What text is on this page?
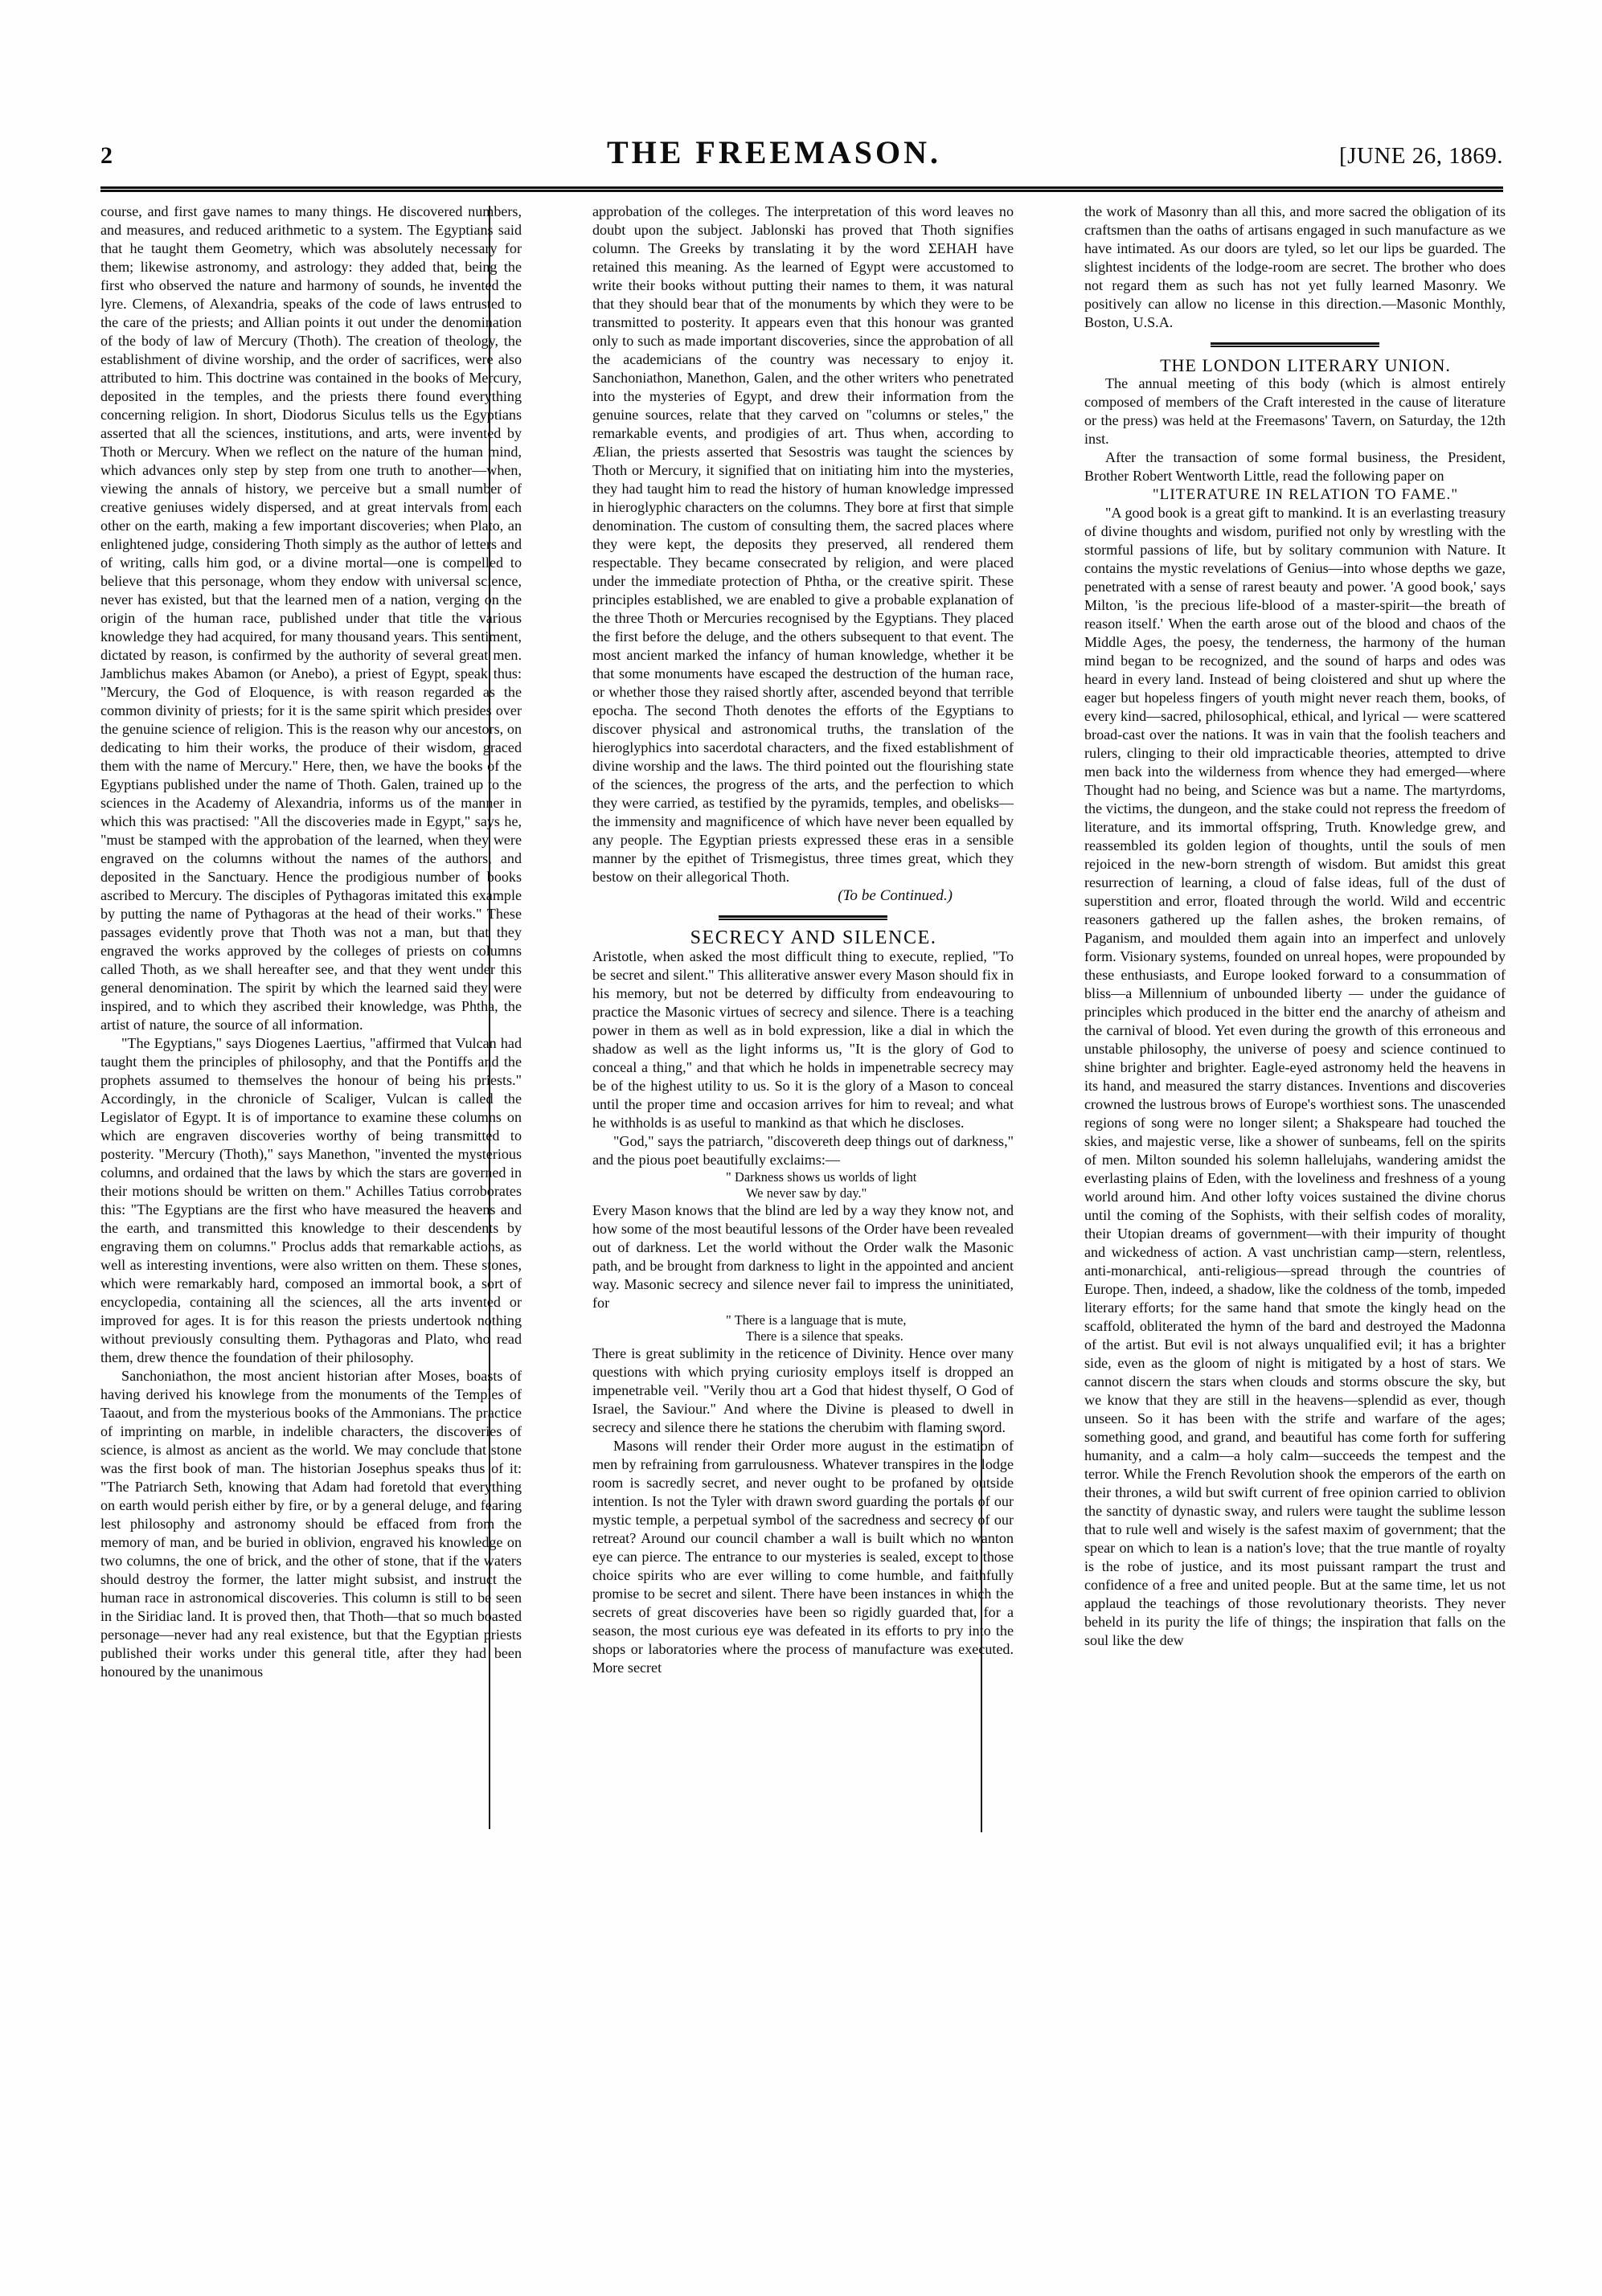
2	THE FREEMASON.	[JUNE 26, 1869.

course, and first gave names to many things. He discovered numbers, and measures, and reduced arithmetic to a system. The Egyptians said that he taught them Geometry, which was absolutely necessary for them; likewise astronomy, and astrology: they added that, being the first who observed the nature and harmony of sounds, he invented the lyre. Clemens, of Alexandria, speaks of the code of laws entrusted to the care of the priests; and Allian points it out under the denomination of the body of law of Mercury (Thoth). The creation of theology, the establishment of divine worship, and the order of sacrifices, were also attributed to him. This doctrine was contained in the books of Mercury, deposited in the temples, and the priests there found everything concerning religion. In short, Diodorus Siculus tells us the Egyptians asserted that all the sciences, institutions, and arts, were invented by Thoth or Mercury. When we reflect on the nature of the human mind, which advances only step by step from one truth to another—when, viewing the annals of history, we perceive but a small number of creative geniuses widely dispersed, and at great intervals from each other on the earth, making a few important discoveries; when Plato, an enlightened judge, considering Thoth simply as the author of letters and of writing, calls him god, or a divine mortal—one is compelled to believe that this personage, whom they endow with universal science, never has existed, but that the learned men of a nation, verging on the origin of the human race, published under that title the various knowledge they had acquired, for many thousand years. This sentiment, dictated by reason, is confirmed by the authority of several great men. Jamblichus makes Abamon (or Anebo), a priest of Egypt, speak thus: "Mercury, the God of Eloquence, is with reason regarded as the common divinity of priests; for it is the same spirit which presides over the genuine science of religion. This is the reason why our ancestors, on dedicating to him their works, the produce of their wisdom, graced them with the name of Mercury." Here, then, we have the books of the Egyptians published under the name of Thoth. Galen, trained up to the sciences in the Academy of Alexandria, informs us of the manner in which this was practised: "All the discoveries made in Egypt," says he, "must be stamped with the approbation of the learned, when they were engraved on the columns without the names of the authors, and deposited in the Sanctuary. Hence the prodigious number of books ascribed to Mercury. The disciples of Pythagoras imitated this example by putting the name of Pythagoras at the head of their works." These passages evidently prove that Thoth was not a man, but that they engraved the works approved by the colleges of priests on columns called Thoth, as we shall hereafter see, and that they went under this general denomination. The spirit by which the learned said they were inspired, and to which they ascribed their knowledge, was Phtha, the artist of nature, the source of all information.

"The Egyptians," says Diogenes Laertius, "affirmed that Vulcan had taught them the principles of philosophy, and that the Pontiffs and the prophets assumed to themselves the honour of being his priests." Accordingly, in the chronicle of Scaliger, Vulcan is called the Legislator of Egypt. It is of importance to examine these columns on which are engraven discoveries worthy of being transmitted to posterity. "Mercury (Thoth)," says Manethon, "invented the mysterious columns, and ordained that the laws by which the stars are governed in their motions should be written on them." Achilles Tatius corroborates this: "The Egyptians are the first who have measured the heavens and the earth, and transmitted this knowledge to their descendents by engraving them on columns." Proclus adds that remarkable actions, as well as interesting inventions, were also written on them. These stones, which were remarkably hard, composed an immortal book, a sort of encyclopedia, containing all the sciences, all the arts invented or improved for ages. It is for this reason the priests undertook nothing without previously consulting them. Pythagoras and Plato, who read them, drew thence the foundation of their philosophy.

Sanchoniathon, the most ancient historian after Moses, boasts of having derived his knowlege from the monuments of the Temples of Taaout, and from the mysterious books of the Ammonians. The practice of imprinting on marble, in indelible characters, the discoveries of science, is almost as ancient as the world. We may conclude that stone was the first book of man. The historian Josephus speaks thus of it: "The Patriarch Seth, knowing that Adam had foretold that everything on earth would perish either by fire, or by a general deluge, and fearing lest philosophy and astronomy should be effaced from from the memory of man, and be buried in oblivion, engraved his knowledge on two columns, the one of brick, and the other of stone, that if the waters should destroy the former, the latter might subsist, and instruct the human race in astronomical discoveries. This column is still to be seen in the Siridiac land. It is proved then, that Thoth—that so much boasted personage—never had any real existence, but that the Egyptian priests published their works under this general title, after they had been honoured by the unanimous

approbation of the colleges. The interpretation of this word leaves no doubt upon the subject. Jablonski has proved that Thoth signifies column. The Greeks by translating it by the word ΣΕΗΑΗ have retained this meaning. As the learned of Egypt were accustomed to write their books without putting their names to them, it was natural that they should bear that of the monuments by which they were to be transmitted to posterity. It appears even that this honour was granted only to such as made important discoveries, since the approbation of all the academicians of the country was necessary to enjoy it. Sanchoniathon, Manethon, Galen, and the other writers who penetrated into the mysteries of Egypt, and drew their information from the genuine sources, relate that they carved on "columns or steles," the remarkable events, and prodigies of art. Thus when, according to Ælian, the priests asserted that Sesostris was taught the sciences by Thoth or Mercury, it signified that on initiating him into the mysteries, they had taught him to read the history of human knowledge impressed in hieroglyphic characters on the columns. They bore at first that simple denomination. The custom of consulting them, the sacred places where they were kept, the deposits they preserved, all rendered them respectable. They became consecrated by religion, and were placed under the immediate protection of Phtha, or the creative spirit. These principles established, we are enabled to give a probable explanation of the three Thoth or Mercuries recognised by the Egyptians. They placed the first before the deluge, and the others subsequent to that event. The most ancient marked the infancy of human knowledge, whether it be that some monuments have escaped the destruction of the human race, or whether those they raised shortly after, ascended beyond that terrible epocha. The second Thoth denotes the efforts of the Egyptians to discover physical and astronomical truths, the translation of the hieroglyphics into sacerdotal characters, and the fixed establishment of divine worship and the laws. The third pointed out the flourishing state of the sciences, the progress of the arts, and the perfection to which they were carried, as testified by the pyramids, temples, and obelisks—the immensity and magnificence of which have never been equalled by any people. The Egyptian priests expressed these eras in a sensible manner by the epithet of Trismegistus, three times great, which they bestow on their allegorical Thoth.

(To be Continued.)

SECRECY AND SILENCE.

Aristotle, when asked the most difficult thing to execute, replied, "To be secret and silent." This alliterative answer every Mason should fix in his memory, but not be deterred by difficulty from endeavouring to practice the Masonic virtues of secrecy and silence. There is a teaching power in them as well as in bold expression, like a dial in which the shadow as well as the light informs us, "It is the glory of God to conceal a thing," and that which he holds in impenetrable secrecy may be of the highest utility to us. So it is the glory of a Mason to conceal until the proper time and occasion arrives for him to reveal; and what he withholds is as useful to mankind as that which he discloses.

"God," says the patriarch, "discovereth deep things out of darkness," and the pious poet beautifully exclaims:—

" Darkness shows us worlds of light
We never saw by day."

Every Mason knows that the blind are led by a way they know not, and how some of the most beautiful lessons of the Order have been revealed out of darkness. Let the world without the Order walk the Masonic path, and be brought from darkness to light in the appointed and ancient way. Masonic secrecy and silence never fail to impress the uninitiated, for

" There is a language that is mute,
There is a silence that speaks.

There is great sublimity in the reticence of Divinity. Hence over many questions with which prying curiosity employs itself is dropped an impenetrable veil. "Verily thou art a God that hidest thyself, O God of Israel, the Saviour." And where the Divine is pleased to dwell in secrecy and silence there he stations the cherubim with flaming sword.

Masons will render their Order more august in the estimation of men by refraining from garrulousness. Whatever transpires in the lodge room is sacredly secret, and never ought to be profaned by outside intention. Is not the Tyler with drawn sword guarding the portals of our mystic temple, a perpetual symbol of the sacredness and secrecy of our retreat? Around our council chamber a wall is built which no wanton eye can pierce. The entrance to our mysteries is sealed, except to those choice spirits who are ever willing to come humble, and faithfully promise to be secret and silent. There have been instances in which the secrets of great discoveries have been so rigidly guarded that, for a season, the most curious eye was defeated in its efforts to pry into the shops or laboratories where the process of manufacture was executed. More secret

the work of Masonry than all this, and more sacred the obligation of its craftsmen than the oaths of artisans engaged in such manufacture as we have intimated. As our doors are tyled, so let our lips be guarded. The slightest incidents of the lodge-room are secret. The brother who does not regard them as such has not yet fully learned Masonry. We positively can allow no license in this direction.—Masonic Monthly, Boston, U.S.A.

THE LONDON LITERARY UNION.

The annual meeting of this body (which is almost entirely composed of members of the Craft interested in the cause of literature or the press) was held at the Freemasons' Tavern, on Saturday, the 12th inst.

After the transaction of some formal business, the President, Brother Robert Wentworth Little, read the following paper on

"LITERATURE IN RELATION TO FAME."

"A good book is a great gift to mankind. It is an everlasting treasury of divine thoughts and wisdom, purified not only by wrestling with the stormful passions of life, but by solitary communion with Nature. It contains the mystic revelations of Genius—into whose depths we gaze, penetrated with a sense of rarest beauty and power. 'A good book,' says Milton, 'is the precious life-blood of a master-spirit—the breath of reason itself.' When the earth arose out of the blood and chaos of the Middle Ages, the poesy, the tenderness, the harmony of the human mind began to be recognized, and the sound of harps and odes was heard in every land. Instead of being cloistered and shut up where the eager but hopeless fingers of youth might never reach them, books, of every kind—sacred, philosophical, ethical, and lyrical — were scattered broad-cast over the nations. It was in vain that the foolish teachers and rulers, clinging to their old impracticable theories, attempted to drive men back into the wilderness from whence they had emerged—where Thought had no being, and Science was but a name. The martyrdoms, the victims, the dungeon, and the stake could not repress the freedom of literature, and its immortal offspring, Truth. Knowledge grew, and reassembled its golden legion of thoughts, until the souls of men rejoiced in the new-born strength of wisdom. But amidst this great resurrection of learning, a cloud of false ideas, full of the dust of superstition and error, floated through the world. Wild and eccentric reasoners gathered up the fallen ashes, the broken remains, of Paganism, and moulded them again into an imperfect and unlovely form. Visionary systems, founded on unreal hopes, were propounded by these enthusiasts, and Europe looked forward to a consummation of bliss—a Millennium of unbounded liberty — under the guidance of principles which produced in the bitter end the anarchy of atheism and the carnival of blood. Yet even during the growth of this erroneous and unstable philosophy, the universe of poesy and science continued to shine brighter and brighter. Eagle-eyed astronomy held the heavens in its hand, and measured the starry distances. Inventions and discoveries crowned the lustrous brows of Europe's worthiest sons. The unascended regions of song were no longer silent; a Shakspeare had touched the skies, and majestic verse, like a shower of sunbeams, fell on the spirits of men. Milton sounded his solemn hallelujahs, wandering amidst the everlasting plains of Eden, with the loveliness and freshness of a young world around him. And other lofty voices sustained the divine chorus until the coming of the Sophists, with their selfish codes of morality, their Utopian dreams of government—with their impurity of thought and wickedness of action. A vast unchristian camp—stern, relentless, anti-monarchical, anti-religious—spread through the countries of Europe. Then, indeed, a shadow, like the coldness of the tomb, impeded literary efforts; for the same hand that smote the kingly head on the scaffold, obliterated the hymn of the bard and destroyed the Madonna of the artist. But evil is not always unqualified evil; it has a brighter side, even as the gloom of night is mitigated by a host of stars. We cannot discern the stars when clouds and storms obscure the sky, but we know that they are still in the heavens—splendid as ever, though unseen. So it has been with the strife and warfare of the ages; something good, and grand, and beautiful has come forth for suffering humanity, and a calm—a holy calm—succeeds the tempest and the terror. While the French Revolution shook the emperors of the earth on their thrones, a wild but swift current of free opinion carried to oblivion the sanctity of dynastic sway, and rulers were taught the sublime lesson that to rule well and wisely is the safest maxim of government; that the spear on which to lean is a nation's love; that the true mantle of royalty is the robe of justice, and its most puissant rampart the trust and confidence of a free and united people. But at the same time, let us not applaud the teachings of those revolutionary theorists. They never beheld in its purity the life of things; the inspiration that falls on the soul like the dew
